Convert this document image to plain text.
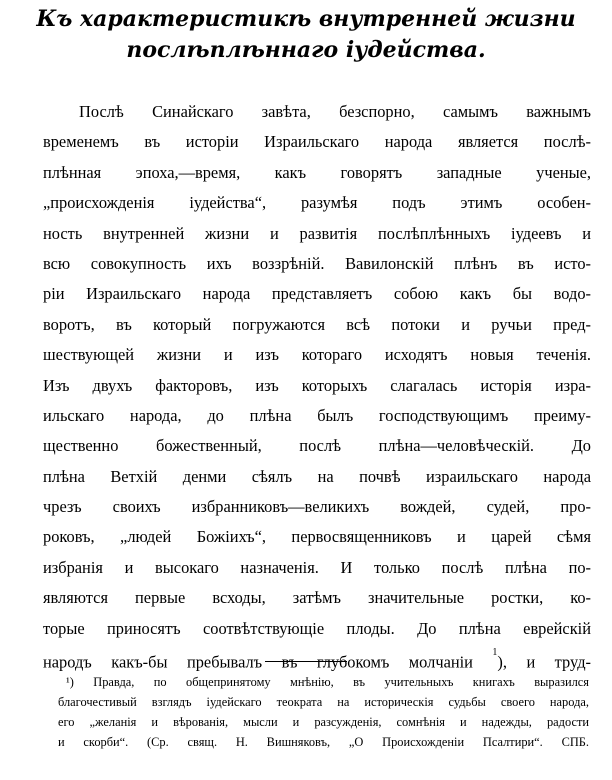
Къ характеристикѣ внутренней жизни
послѣплѣннаго іудейства.
Послѣ Синайскаго завѣта, безспорно, самымъ важнымъ
временемъ въ исторіи Израильскаго народа является послѣ-
плѣнная эпоха,—время, какъ говорятъ западные ученые,
„происхожденія іудейства“, разумѣя подъ этимъ особен-
ность внутренней жизни и развитія послѣплѣнныхъ іудеевъ и
всю совокупность ихъ воззрѣній. Вавилонскій плѣнъ въ исто-
ріи Израильскаго народа представляетъ собою какъ бы водо-
воротъ, въ который погружаются всѣ потоки и ручьи пред-
шествующей жизни и изъ котораго исходятъ новыя теченія.
Изъ двухъ факторовъ, изъ которыхъ слагалась исторія изра-
ильскаго народа, до плѣна былъ господствующимъ преиму-
щественно божественный, послѣ плѣна—человѣческій. До
плѣна Ветхій денми сѣялъ на почвѣ израильскаго народа
чрезъ своихъ избранниковъ—великихъ вождей, судей, про-
роковъ, „людей Божіихъ“, первосвященниковъ и царей сѣмя
избранія и высокаго назначенія. И только послѣ плѣна по-
являются первые всходы, затѣмъ значительные ростки, ко-
торые приносятъ соотвѣтствующіе плоды. До плѣна еврейскій
народъ какъ-бы пребывалъ въ глубокомъ молчаніи $^1$), и труд-
¹) Правда, по общепринятому мнѣнію, въ учительныхъ книгахъ выразился
благочестивый взглядъ іудейскаго теократа на историческія судьбы своего народа,
его „желанія и вѣрованія, мысли и разсужденія, сомнѣнія и надежды, радости
и скорби“. (Ср. свящ. Н. Вишняковъ, „О Происхожденіи Псалтири“. СПБ.
